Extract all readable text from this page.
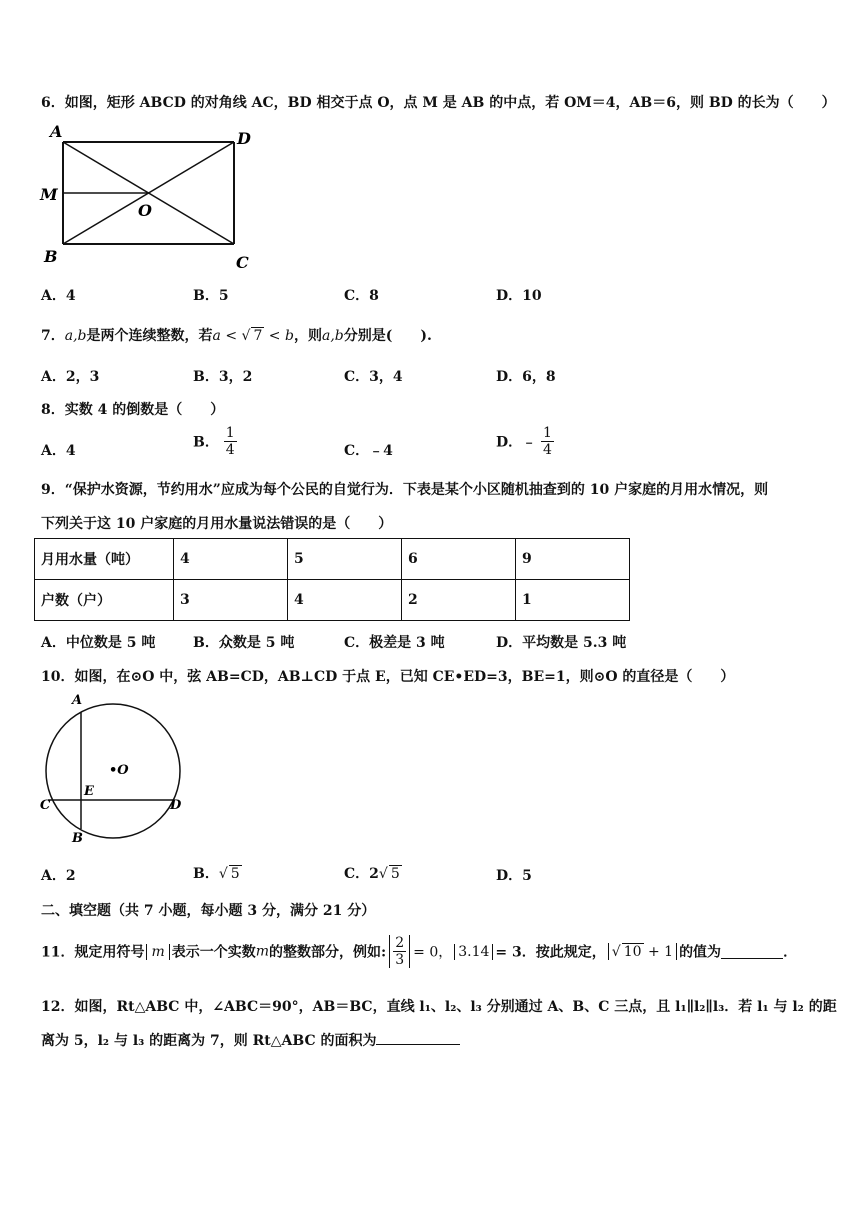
6．如图，矩形 ABCD 的对角线 AC，BD 相交于点 O，点 M 是 AB 的中点，若 OM＝4，AB＝6，则 BD 的长为（　　）
A	D
M
O
B	C
A．4	B．5	C．8	D．10
7．a,b是两个连续整数，若a < √ 7 < b，则a,b分别是(　　).
A．2，3	B．3，2	C．3，4	D．6，8
8．实数 4 的倒数是（　　）
A．4
B． $\frac{1}{4}$	C．﹣4
D．﹣ $\frac{1}{4}$
9．“保护水资源，节约用水”应成为每个公民的自觉行为．下表是某个小区随机抽查到的 10 户家庭的月用水情况，则
下列关于这 10 户家庭的月用水量说法错误的是（　　）
月用水量（吨）	4	5	6	9
户数（户）	3	4	2	1
A．中位数是 5 吨	B．众数是 5 吨	C．极差是 3 吨	D．平均数是 5.3 吨
10．如图，在⊙O 中，弦 AB=CD，AB⊥CD 于点 E，已知 CE•ED=3，BE=1，则⊙O 的直径是（　　）
A
•O
E
C	D
B
A．2	B．√ 5	C．2√ 5	D．5
二、填空题（共 7 小题，每小题 3 分，满分 21 分）
11．规定用符号 m 表示一个实数m的整数部分，例如: $\frac{2}{3} = 0$， 3.14 = 3．按此规定， √ 10 + 1 的值为	．
12．如图，Rt△ABC 中，∠ABC＝90°，AB＝BC，直线 l₁、l₂、l₃ 分别通过 A、B、C 三点，且 l₁∥l₂∥l₃．若 l₁ 与 l₂ 的距
离为 5，l₂ 与 l₃ 的距离为 7，则 Rt△ABC 的面积为
